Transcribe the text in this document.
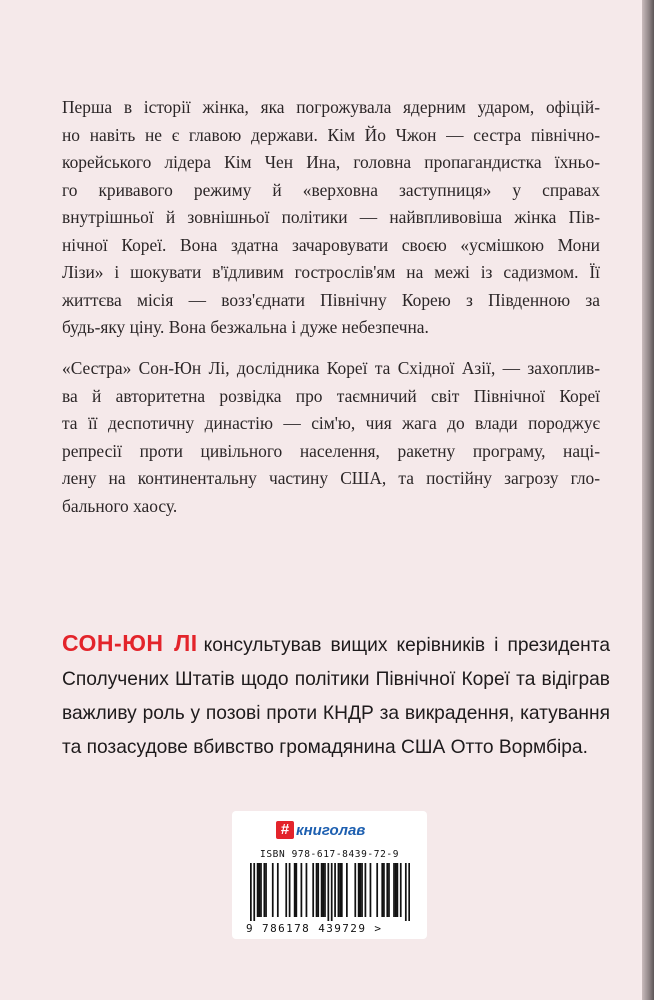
Перша в історії жінка, яка погрожувала ядерним ударом, офіцій-
но навіть не є главою держави. Кім Йо Чжон — сестра північно-
корейського лідера Кім Чен Ина, головна пропагандистка їхньо-
го кривавого режиму й «верховна заступниця» у справах
внутрішньої й зовнішньої політики — найвпливовіша жінка Пів-
нічної Кореї. Вона здатна зачаровувати своєю «усмішкою Мони
Лізи» і шокувати в'їдливим гострослів'ям на межі із садизмом. Її
життєва місія — возз'єднати Північну Корею з Південною за
будь-яку ціну. Вона безжальна і дуже небезпечна.
«Сестра» Сон-Юн Лі, дослідника Кореї та Східної Азії, — захоплив-
ва й авторитетна розвідка про таємничий світ Північної Кореї
та її деспотичну династію — сім'ю, чия жага до влади породжує
репресії проти цивільного населення, ракетну програму, наці-
лену на континентальну частину США, та постійну загрозу гло-
бального хаосу.
СОН-ЮН ЛІ консультував вищих керівників і президента
Сполучених Штатів щодо політики Північної Кореї та відіграв
важливу роль у позові проти КНДР за викрадення, катування
та позасудове вбивство громадянина США Отто Вормбіра.
# книголав
ISBN 978-617-8439-72-9
9 786178 439729 >
